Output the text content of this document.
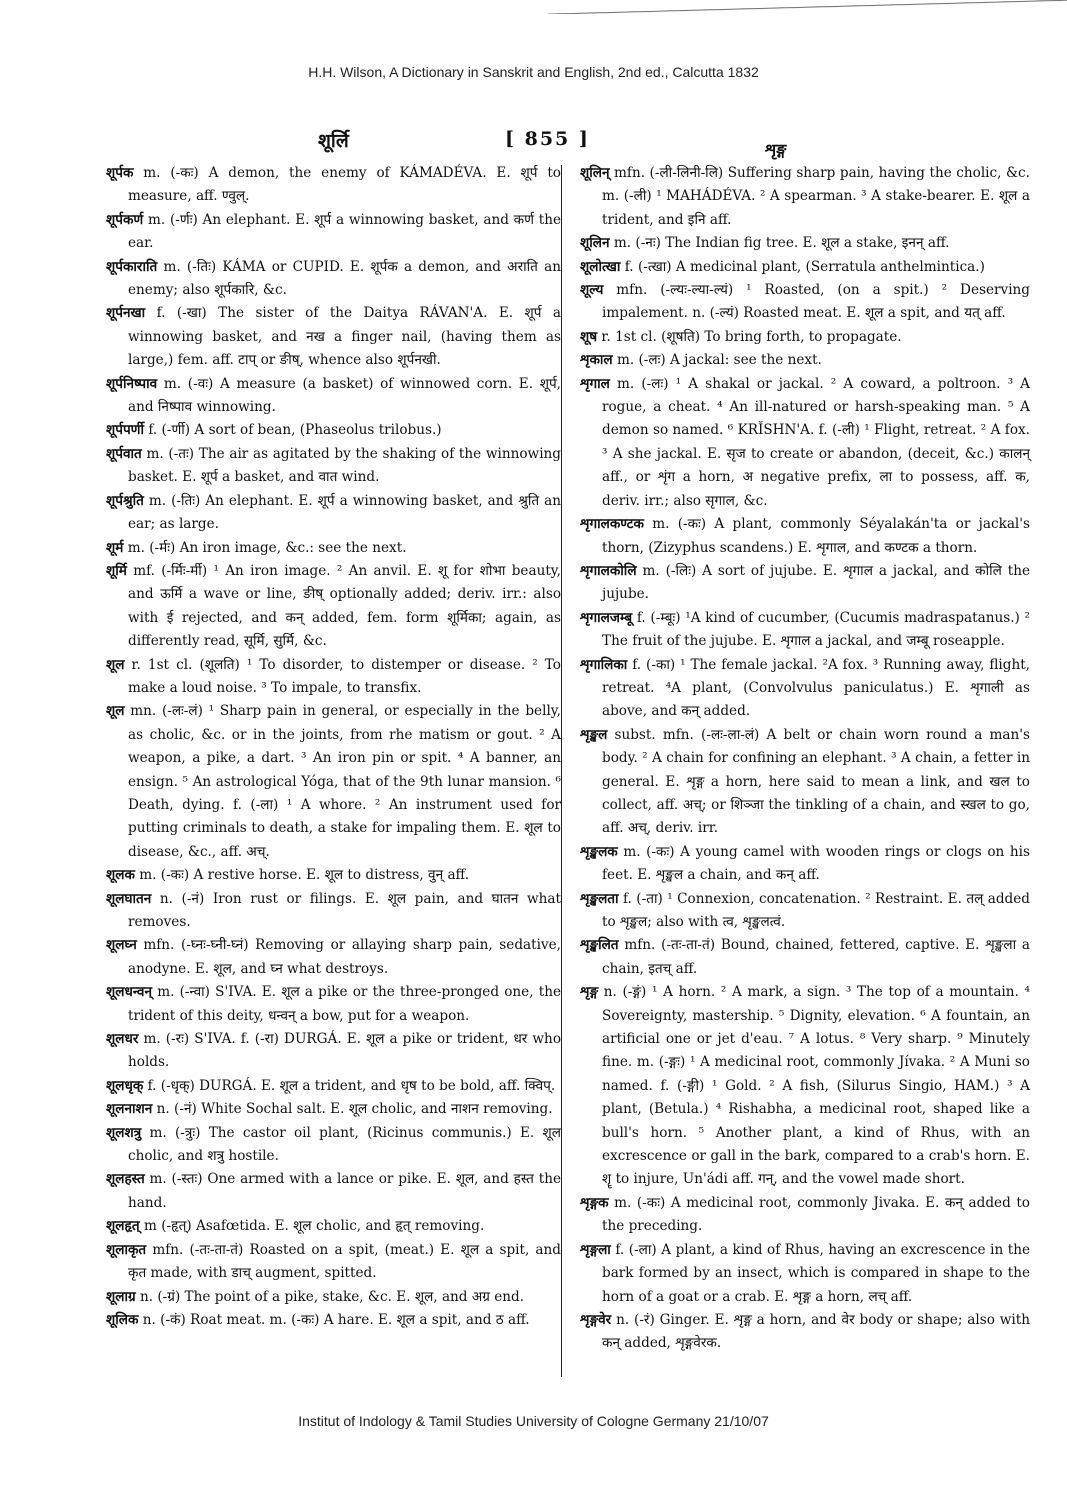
H.H. Wilson, A Dictionary in Sanskrit and English, 2nd ed., Calcutta 1832
शूर्लि	[ 855 ]	शृङ्ग

शूर्पक m. (-कः) A demon, the enemy of KÁMADÉVA. E. शूर्प to measure, aff. ण्वुल्.

शूर्पकर्ण m. (-र्णः) An elephant. E. शूर्प a winnowing basket, and कर्ण the ear.

शूर्पकाराति m. (-तिः) KÁMA or CUPID. E. शूर्पक a demon, and अराति an enemy; also शूर्पकारि, &c.

शूर्पनखा f. (-खा) The sister of the Daitya RÁVAN'A. E. शूर्प a winnowing basket, and नख a finger nail, (having them as large,) fem. aff. टाप् or ङीष्, whence also शूर्पनखी.

शूर्पनिष्पाव m. (-वः) A measure (a basket) of winnowed corn. E. शूर्प, and निष्पाव winnowing.

शूर्पपर्णी f. (-र्णी) A sort of bean, (Phaseolus trilobus.)

शूर्पवात m. (-तः) The air as agitated by the shaking of the winnowing basket. E. शूर्प a basket, and वात wind.

शूर्पश्रुति m. (-तिः) An elephant. E. शूर्प a winnowing basket, and श्रुति an ear; as large.

शूर्म m. (-र्मः) An iron image, &c.: see the next.

शूर्मि mf. (-र्मिः-र्मी) ¹ An iron image. ² An anvil. E. शू for शोभा beauty, and ऊर्मि a wave or line, ङीष् optionally added; deriv. irr.: also with ई rejected, and कन् added, fem. form शूर्मिका; again, as differently read, सूर्मि, सुर्मि, &c.

शूल r. 1st cl. (शूलति) ¹ To disorder, to distemper or disease. ² To make a loud noise. ³ To impale, to transfix.

शूल mn. (-लः-लं) ¹ Sharp pain in general, or especially in the belly, as cholic, &c. or in the joints, from rhe matism or gout. ² A weapon, a pike, a dart. ³ An iron pin or spit. ⁴ A banner, an ensign. ⁵ An astrological Yóga, that of the 9th lunar mansion. ⁶ Death, dying. f. (-ला) ¹ A whore. ² An instrument used for putting criminals to death, a stake for impaling them. E. शूल to disease, &c., aff. अच्.

शूलक m. (-कः) A restive horse. E. शूल to distress, वुन् aff.

शूलघातन n. (-नं) Iron rust or filings. E. शूल pain, and घातन what removes.

शूलघ्न mfn. (-घ्नः-घ्नी-घ्नं) Removing or allaying sharp pain, sedative, anodyne. E. शूल, and घ्न what destroys.

शूलधन्वन् m. (-न्वा) S'IVA. E. शूल a pike or the three-pronged one, the trident of this deity, धन्वन् a bow, put for a weapon.

शूलधर m. (-रः) S'IVA. f. (-रा) DURGÁ. E. शूल a pike or trident, धर who holds.

शूलधृक् f. (-धृक्) DURGÁ. E. शूल a trident, and धृष to be bold, aff. क्विप्.

शूलनाशन n. (-नं) White Sochal salt. E. शूल cholic, and नाशन removing.

शूलशत्रु m. (-त्रुः) The castor oil plant, (Ricinus communis.) E. शूल cholic, and शत्रु hostile.

शूलहस्त m. (-स्तः) One armed with a lance or pike. E. शूल, and हस्त the hand.

शूलहृत् m (-हृत्) Asafœtida. E. शूल cholic, and हृत् removing.

शूलाकृत mfn. (-तः-ता-तं) Roasted on a spit, (meat.) E. शूल a spit, and कृत made, with डाच् augment, spitted.

शूलाग्र n. (-ग्रं) The point of a pike, stake, &c. E. शूल, and अग्र end.

शूलिक n. (-कं) Roat meat. m. (-कः) A hare. E. शूल a spit, and ठ aff.

शूलिन् mfn. (-ली-लिनी-लि) Suffering sharp pain, having the cholic, &c. m. (-ली) ¹ MAHÁDÉVA. ² A spearman. ³ A stake-bearer. E. शूल a trident, and इनि aff.

शूलिन m. (-नः) The Indian fig tree. E. शूल a stake, इनन् aff.

शूलोत्खा f. (-त्खा) A medicinal plant, (Serratula anthelmintica.)

शूल्य mfn. (-ल्यः-ल्या-ल्यं) ¹ Roasted, (on a spit.) ² Deserving impalement. n. (-ल्यं) Roasted meat. E. शूल a spit, and यत् aff.

शूष r. 1st cl. (शूषति) To bring forth, to propagate.

शृकाल m. (-लः) A jackal: see the next.

शृगाल m. (-लः) ¹ A shakal or jackal. ² A coward, a poltroon. ³ A rogue, a cheat. ⁴ An ill-natured or harsh-speaking man. ⁵ A demon so named. ⁶ KRĬSHN'A. f. (-ली) ¹ Flight, retreat. ² A fox. ³ A she jackal. E. सृज to create or abandon, (deceit, &c.) कालन् aff., or शृंग a horn, अ negative prefix, ला to possess, aff. क, deriv. irr.; also सृगाल, &c.

शृगालकण्टक m. (-कः) A plant, commonly Séyalakán'ta or jackal's thorn, (Zizyphus scandens.) E. शृगाल, and कण्टक a thorn.

शृगालकोलि m. (-लिः) A sort of jujube. E. शृगाल a jackal, and कोलि the jujube.

शृगालजम्बू f. (-म्बूः) ¹A kind of cucumber, (Cucumis madraspatanus.) ² The fruit of the jujube. E. शृगाल a jackal, and जम्बू roseapple.

शृगालिका f. (-का) ¹ The female jackal. ²A fox. ³ Running away, flight, retreat. ⁴A plant, (Convolvulus paniculatus.) E. शृगाली as above, and कन् added.

शृङ्खल subst. mfn. (-लः-ला-लं) A belt or chain worn round a man's body. ² A chain for confining an elephant. ³ A chain, a fetter in general. E. शृङ्ग a horn, here said to mean a link, and खल to collect, aff. अच्; or शिञ्जा the tinkling of a chain, and स्खल to go, aff. अच्, deriv. irr.

शृङ्खलक m. (-कः) A young camel with wooden rings or clogs on his feet. E. शृङ्खल a chain, and कन् aff.

शृङ्खलता f. (-ता) ¹ Connexion, concatenation. ² Restraint. E. तल् added to शृङ्खल; also with त्व, शृङ्खलत्वं.

शृङ्खलित mfn. (-तः-ता-तं) Bound, chained, fettered, captive. E. शृङ्खला a chain, इतच् aff.

शृङ्ग n. (-ङ्गं) ¹ A horn. ² A mark, a sign. ³ The top of a mountain. ⁴ Sovereignty, mastership. ⁵ Dignity, elevation. ⁶ A fountain, an artificial one or jet d'eau. ⁷ A lotus. ⁸ Very sharp. ⁹ Minutely fine. m. (-ङ्गः) ¹ A medicinal root, commonly Jívaka. ² A Muni so named. f. (-ङ्गी) ¹ Gold. ² A fish, (Silurus Singio, HAM.) ³ A plant, (Betula.) ⁴ Rishabha, a medicinal root, shaped like a bull's horn. ⁵ Another plant, a kind of Rhus, with an excrescence or gall in the bark, compared to a crab's horn. E. शॄ to injure, Un'ádi aff. गन्, and the vowel made short.

शृङ्गक m. (-कः) A medicinal root, commonly Jivaka. E. कन् added to the preceding.

शृङ्गला f. (-ला) A plant, a kind of Rhus, having an excrescence in the bark formed by an insect, which is compared in shape to the horn of a goat or a crab. E. शृङ्ग a horn, लच् aff.

शृङ्गवेर n. (-रं) Ginger. E. शृङ्ग a horn, and वेर body or shape; also with कन् added, शृङ्गवेरक.

Institut of Indology & Tamil Studies University of Cologne Germany 21/10/07
